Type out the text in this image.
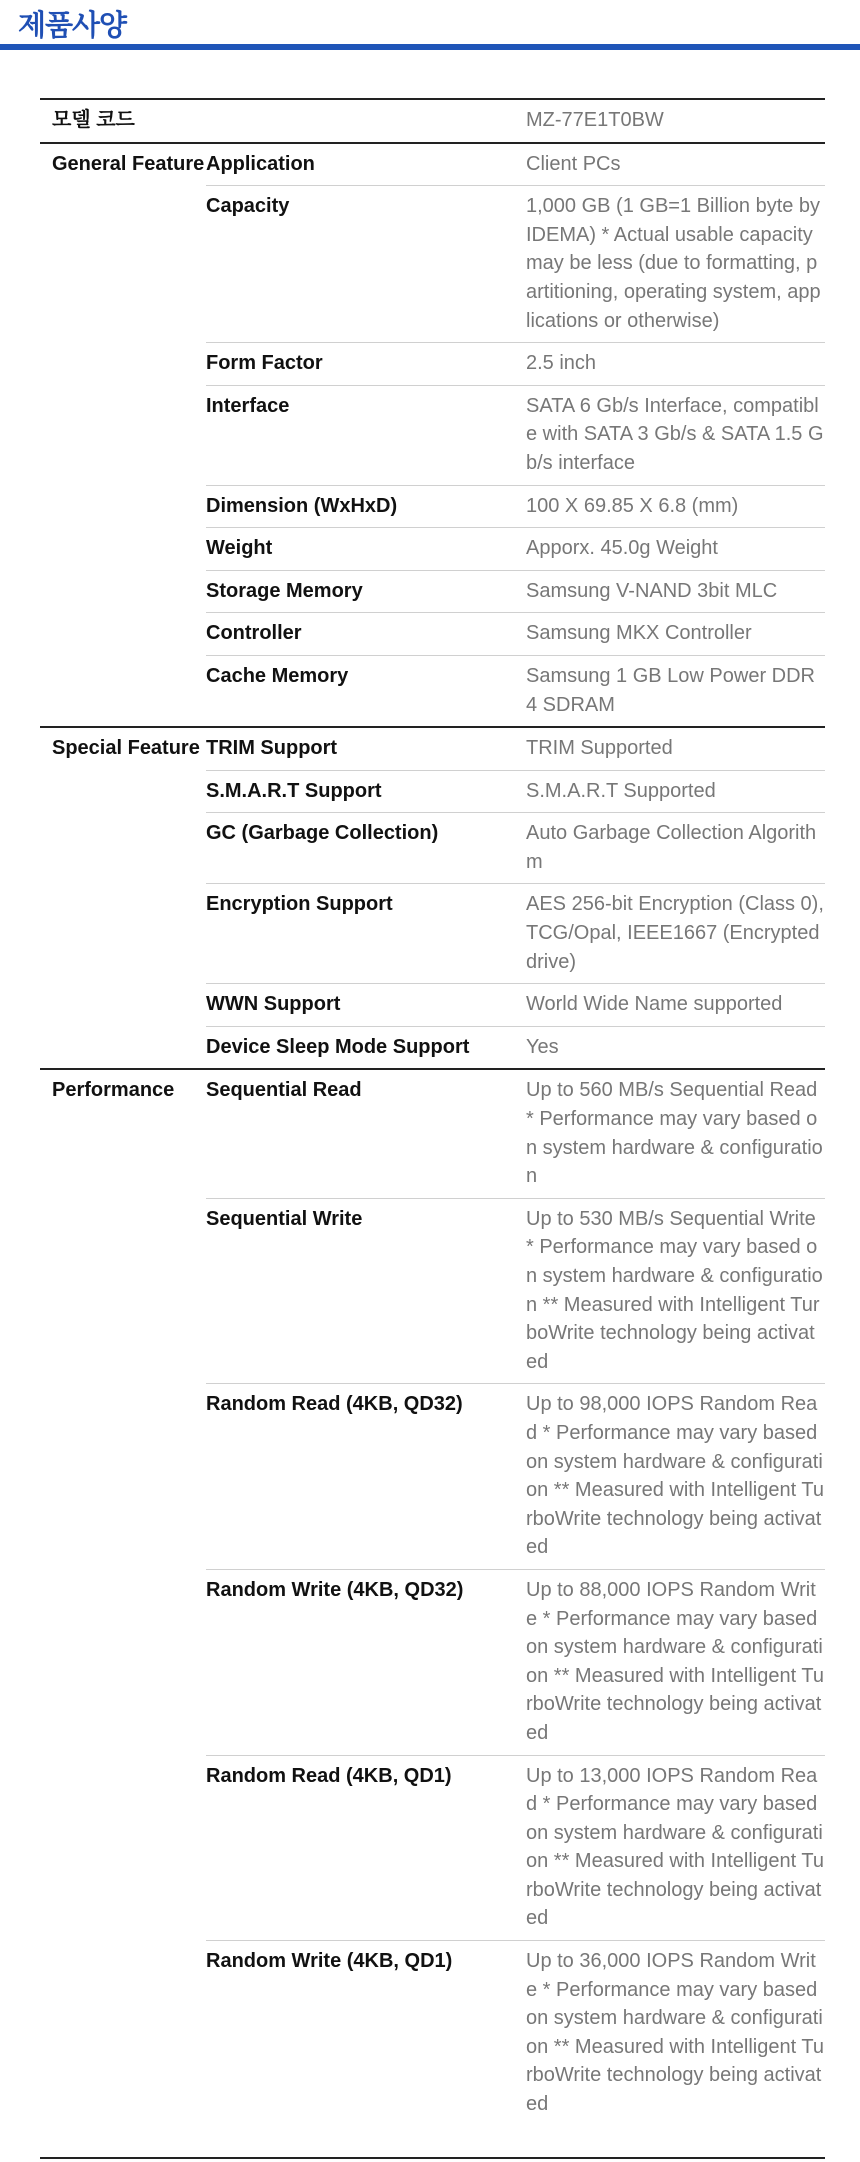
제품사양
모델 코드		MZ-77E1T0BW
General Feature	Application	Client PCs
	Capacity	1,000 GB (1 GB=1 Billion byte by IDEMA) * Actual usable capacity may be less (due to formatting, partitioning, operating system, applications or otherwise)
	Form Factor	2.5 inch
	Interface	SATA 6 Gb/s Interface, compatible with SATA 3 Gb/s & SATA 1.5 Gb/s interface
	Dimension (WxHxD)	100 X 69.85 X 6.8 (mm)
	Weight	Apporx. 45.0g Weight
	Storage Memory	Samsung V-NAND 3bit MLC
	Controller	Samsung MKX Controller
	Cache Memory	Samsung 1 GB Low Power DDR4 SDRAM
Special Feature	TRIM Support	TRIM Supported
	S.M.A.R.T Support	S.M.A.R.T Supported
	GC (Garbage Collection)	Auto Garbage Collection Algorithm
	Encryption Support	AES 256-bit Encryption (Class 0), TCG/Opal, IEEE1667 (Encrypted drive)
	WWN Support	World Wide Name supported
	Device Sleep Mode Support	Yes
Performance	Sequential Read	Up to 560 MB/s Sequential Read * Performance may vary based on system hardware & configuration
	Sequential Write	Up to 530 MB/s Sequential Write * Performance may vary based on system hardware & configuration ** Measured with Intelligent TurboWrite technology being activated
	Random Read (4KB, QD32)	Up to 98,000 IOPS Random Read * Performance may vary based on system hardware & configuration ** Measured with Intelligent TurboWrite technology being activated
	Random Write (4KB, QD32)	Up to 88,000 IOPS Random Write * Performance may vary based on system hardware & configuration ** Measured with Intelligent TurboWrite technology being activated
	Random Read (4KB, QD1)	Up to 13,000 IOPS Random Read * Performance may vary based on system hardware & configuration ** Measured with Intelligent TurboWrite technology being activated
	Random Write (4KB, QD1)	Up to 36,000 IOPS Random Write * Performance may vary based on system hardware & configuration ** Measured with Intelligent TurboWrite technology being activated
